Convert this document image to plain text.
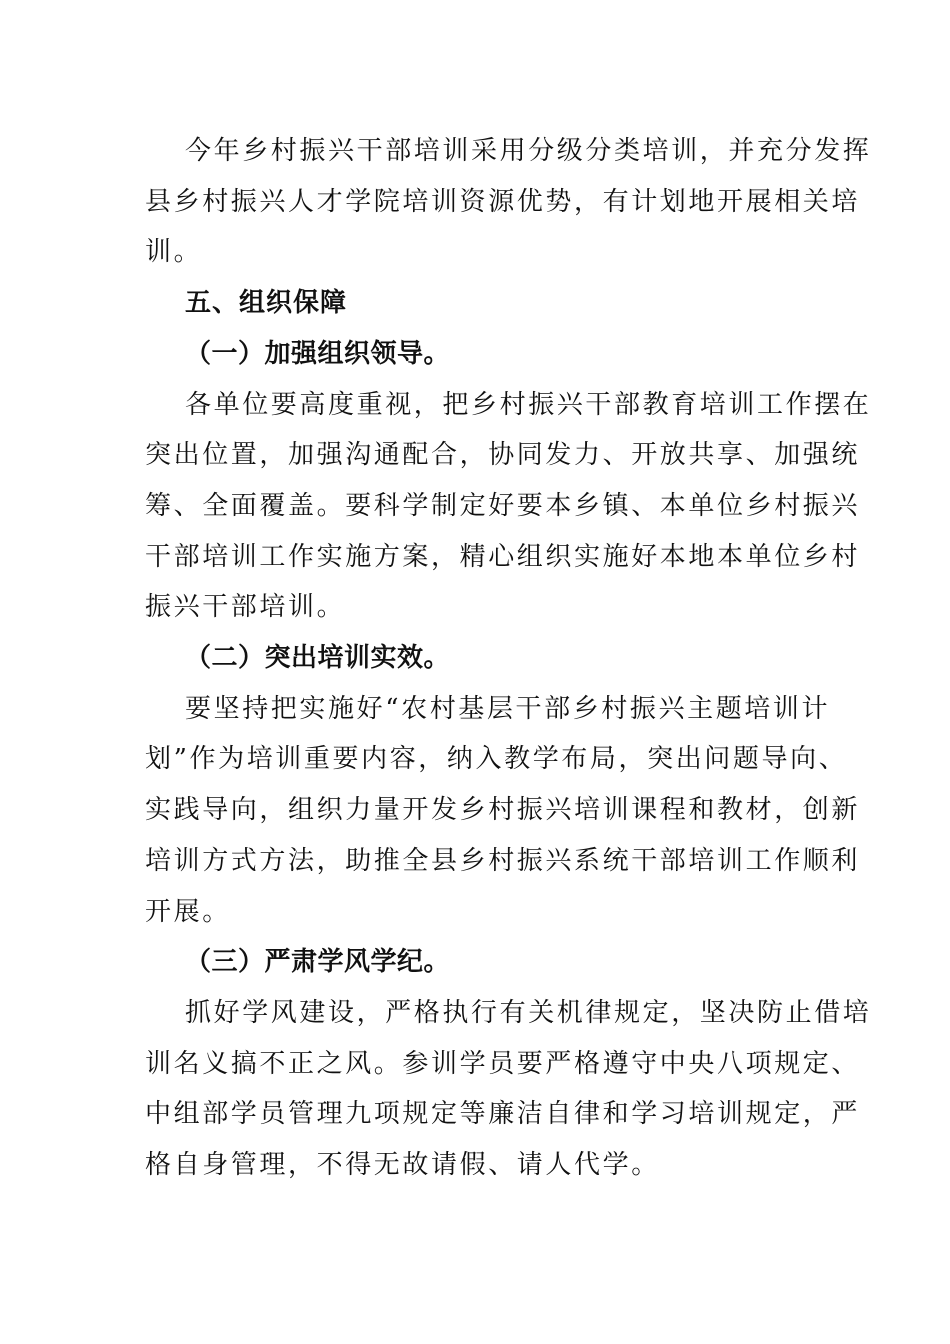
今年乡村振兴干部培训采用分级分类培训，并充分发挥
县乡村振兴人才学院培训资源优势，有计划地开展相关培
训。
五、组织保障
（一）加强组织领导。
各单位要高度重视，把乡村振兴干部教育培训工作摆在
突出位置，加强沟通配合，协同发力、开放共享、加强统
筹、全面覆盖。要科学制定好要本乡镇、本单位乡村振兴
干部培训工作实施方案，精心组织实施好本地本单位乡村
振兴干部培训。
（二）突出培训实效。
要坚持把实施好“农村基层干部乡村振兴主题培训计
划”作为培训重要内容，纳入教学布局，突出问题导向、
实践导向，组织力量开发乡村振兴培训课程和教材，创新
培训方式方法，助推全县乡村振兴系统干部培训工作顺利
开展。
（三）严肃学风学纪。
抓好学风建设，严格执行有关机律规定，坚决防止借培
训名义搞不正之风。参训学员要严格遵守中央八项规定、
中组部学员管理九项规定等廉洁自律和学习培训规定，严
格自身管理，不得无故请假、请人代学。
